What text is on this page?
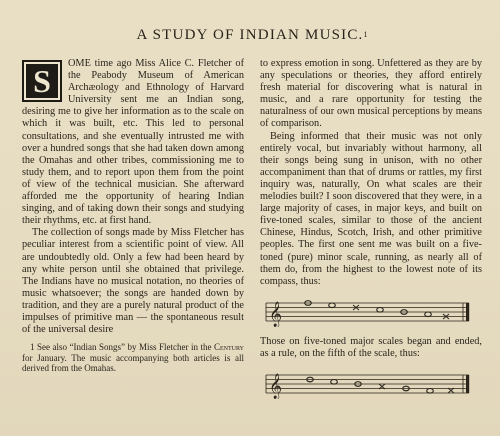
A STUDY OF INDIAN MUSIC.$^1$

S	OME time ago Miss Alice C. Fletcher of the Peabody Museum of American Archæology and Ethnology of Harvard University sent me an Indian song, desiring me to give her information as to the scale on which it was built, etc. This led to personal consultations, and she eventually intrusted me with over a hundred songs that she had taken down among the Omahas and other tribes, commissioning me to study them, and to report upon them from the point of view of the technical musician. She afterward afforded me the opportunity of hearing Indian singing, and of taking down their songs and studying their rhythms, etc. at first hand.

The collection of songs made by Miss Fletcher has peculiar interest from a scientific point of view. All are undoubtedly old. Only a few had been heard by any white person until she obtained that privilege. The Indians have no musical notation, no theories of music whatsoever; the songs are handed down by tradition, and they are a purely natural product of the impulses of primitive man — the spontaneous result of the universal desire

1 See also “Indian Songs” by Miss Fletcher in the Century for January. The music accompanying both articles is all derived from the Omahas.

to express emotion in song. Unfettered as they are by any speculations or theories, they afford entirely fresh material for discovering what is natural in music, and a rare opportunity for testing the naturalness of our own musical perceptions by means of comparison.

Being informed that their music was not only entirely vocal, but invariably without harmony, all their songs being sung in unison, with no other accompaniment than that of drums or rattles, my first inquiry was, naturally, On what scales are their melodies built? I soon discovered that they were, in a large majority of cases, in major keys, and built on five-toned scales, similar to those of the ancient Chinese, Hindus, Scotch, Irish, and other primitive peoples. The first one sent me was built on a five-toned (pure) minor scale, running, as nearly all of them do, from the highest to the lowest note of its compass, thus:

𝄞

Those on five-toned major scales began and ended, as a rule, on the fifth of the scale, thus:

𝄞
